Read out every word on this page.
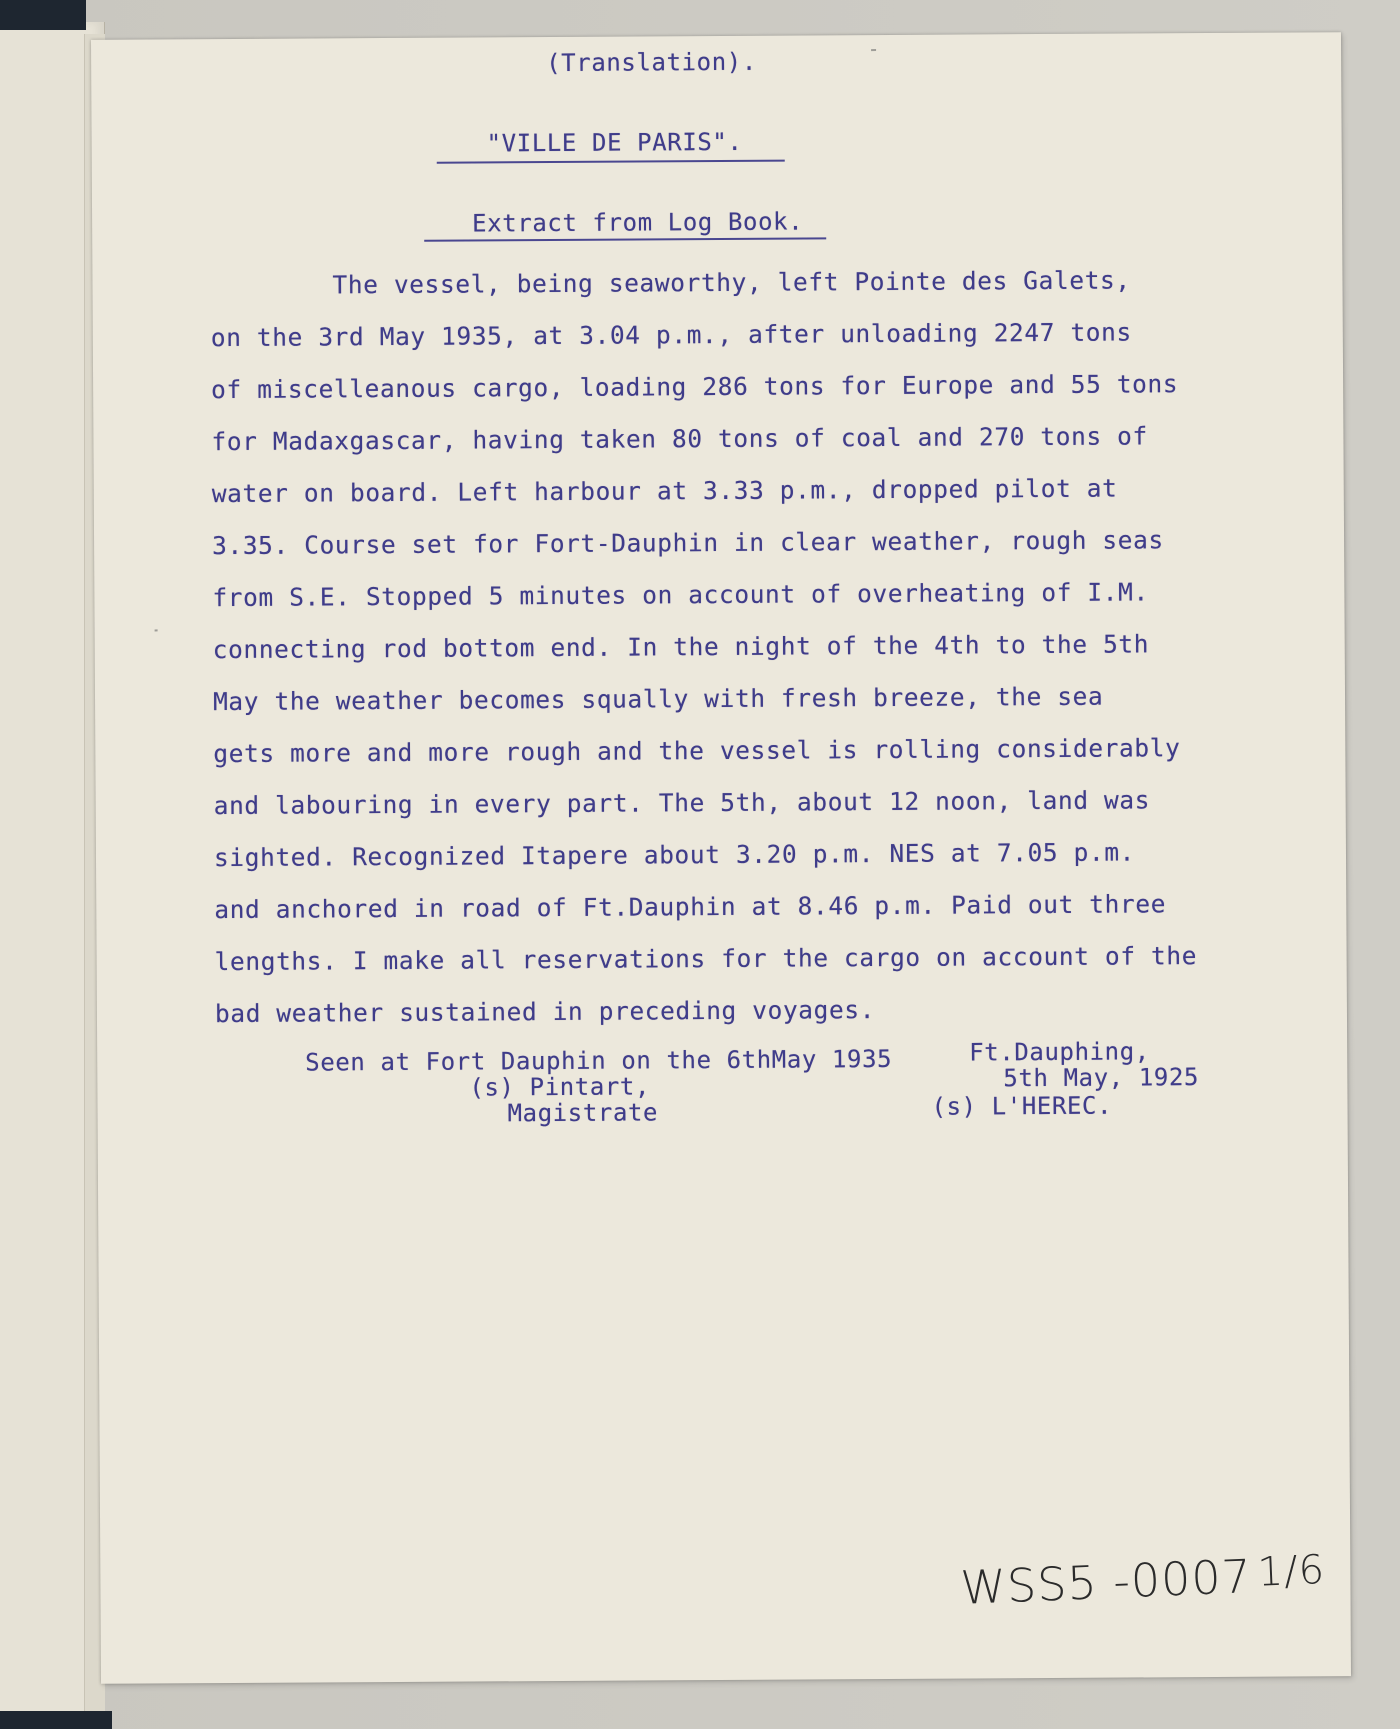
(Translation).
"VILLE DE PARIS".
Extract from Log Book.
The vessel, being seaworthy, left Pointe des Galets,
on the 3rd May 1935, at 3.04 p.m., after unloading 2247 tons
of miscelleanous cargo, loading 286 tons for Europe and 55 tons
for Madaxgascar, having taken 80 tons of coal and 270 tons of
water on board. Left harbour at 3.33 p.m., dropped pilot at
3.35. Course set for Fort-Dauphin in clear weather, rough seas
from S.E. Stopped 5 minutes on account of overheating of I.M.
connecting rod bottom end. In the night of the 4th to the 5th
May the weather becomes squally with fresh breeze, the sea
gets more and more rough and the vessel is rolling considerably
and labouring in every part. The 5th, about 12 noon, land was
sighted. Recognized Itapere about 3.20 p.m. NES at 7.05 p.m.
and anchored in road of Ft.Dauphin at 8.46 p.m. Paid out three
lengths. I make all reservations for the cargo on account of the
bad weather sustained in preceding voyages.
Seen at Fort Dauphin on the 6thMay 1935
(s) Pintart,
Magistrate
Ft.Dauphing,
5th May, 1925
(s) L'HEREC.
WSS5 -00071/6
